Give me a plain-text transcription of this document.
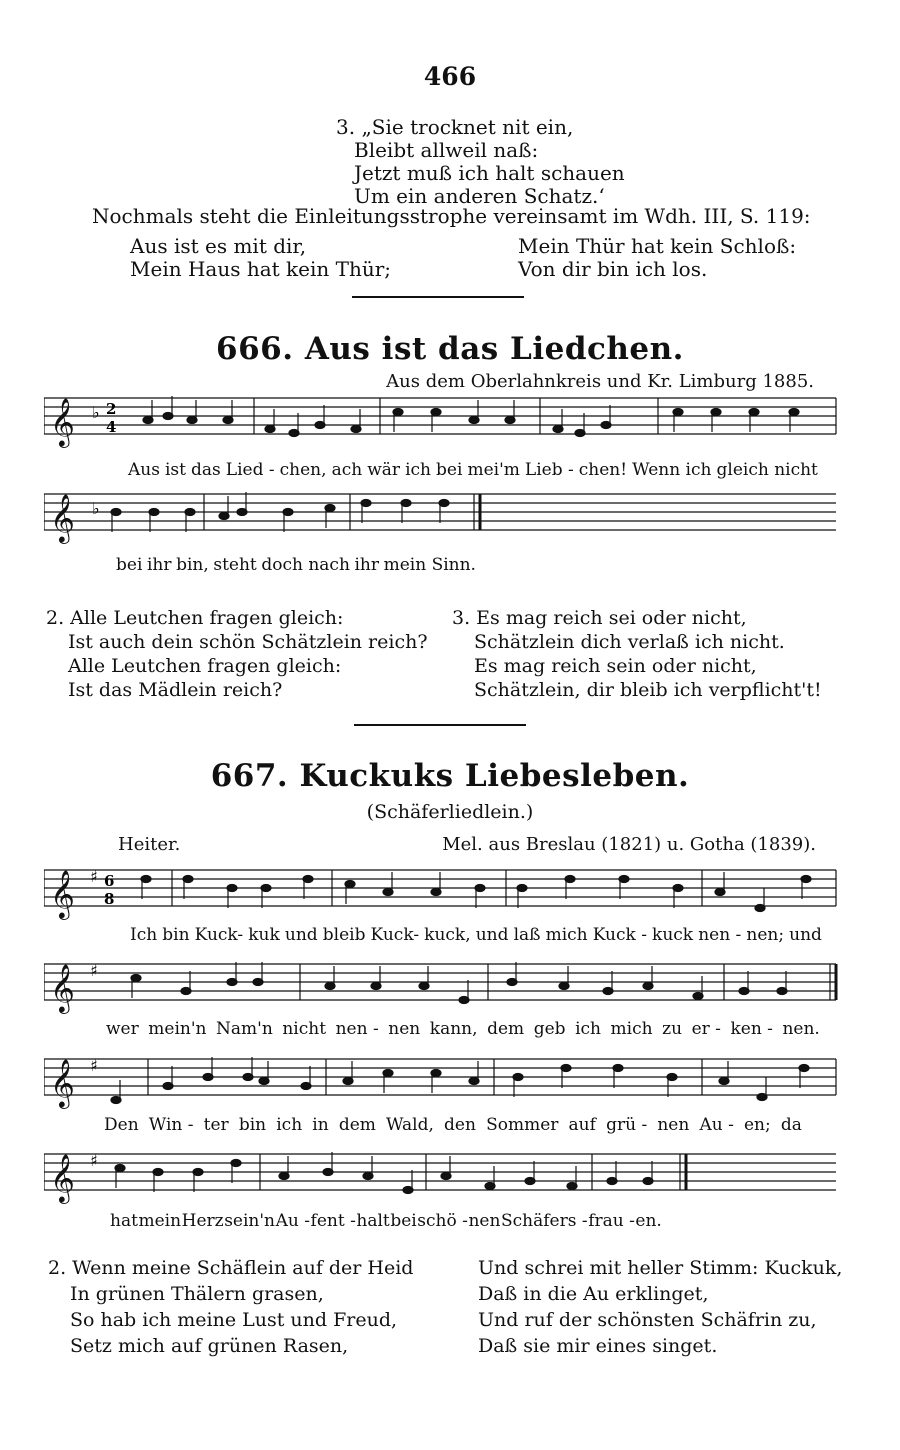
466
3. „Sie trocknet nit ein,
Bleibt allweil naß:
Jetzt muß ich halt schauen
Um ein anderen Schatz.‘
Nochmals steht die Einleitungsstrophe vereinsamt im Wdh. III, S. 119:
Aus ist es mit dir,
Mein Haus hat kein Thür;
Mein Thür hat kein Schloß:
Von dir bin ich los.
666. Aus ist das Liedchen.
Aus dem Oberlahnkreis und Kr. Limburg 1885.
𝄞 ♭ 2
4
Aus ist das Lied - chen, ach wär ich bei mei'm Lieb - chen! Wenn ich gleich nicht
𝄞 ♭
bei ihr bin, steht doch nach ihr mein Sinn.
2. Alle Leutchen fragen gleich:
Ist auch dein schön Schätzlein reich?
Alle Leutchen fragen gleich:
Ist das Mädlein reich?
3. Es mag reich sei oder nicht,
Schätzlein dich verlaß ich nicht.
Es mag reich sein oder nicht,
Schätzlein, dir bleib ich verpflicht't!
667. Kuckuks Liebesleben.
(Schäferliedlein.)
Heiter.	Mel. aus Breslau (1821) u. Gotha (1839).
𝄞 ♯ 6
8
Ich bin Kuck- kuk und bleib Kuck- kuck, und laß mich Kuck - kuck nen - nen; und
𝄞 ♯
wer mein'n Nam'n nicht nen - nen kann, dem geb ich mich zu er - ken - nen.
𝄞 ♯
Den Win - ter bin ich in dem Wald, den Sommer auf grü - nen Au - en; da
𝄞 ♯
hat mein Herz sein'n Au - fent - halt bei schö - nen Schäfers - frau - en.
2. Wenn meine Schäflein auf der Heid
In grünen Thälern grasen,
So hab ich meine Lust und Freud,
Setz mich auf grünen Rasen,
Und schrei mit heller Stimm: Kuckuk,
Daß in die Au erklinget,
Und ruf der schönsten Schäfrin zu,
Daß sie mir eines singet.
